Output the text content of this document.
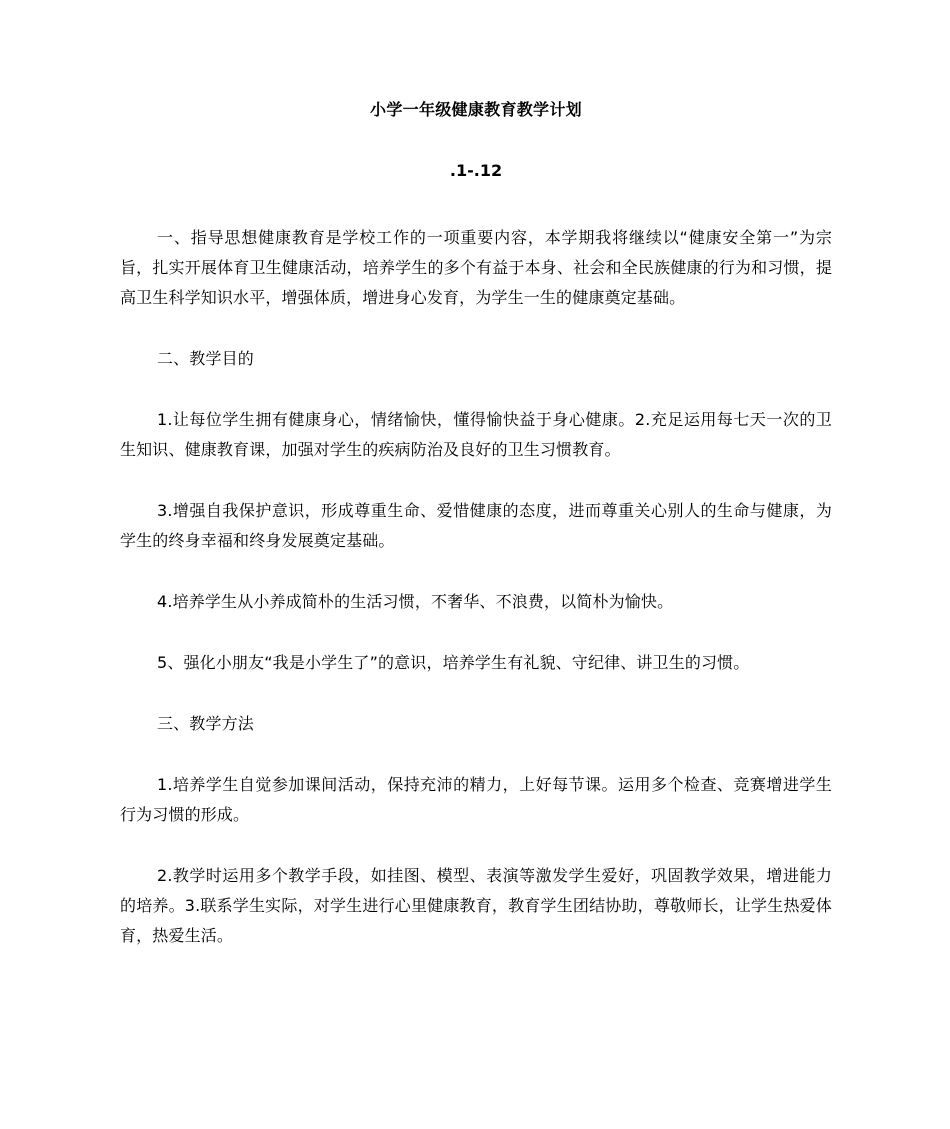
小学一年级健康教育教学计划
.1-.12

一、指导思想健康教育是学校工作的一项重要内容，本学期我将继续以“健康安全第一”为宗旨，扎实开展体育卫生健康活动，培养学生的多个有益于本身、社会和全民族健康的行为和习惯，提高卫生科学知识水平，增强体质，增进身心发育，为学生一生的健康奠定基础。

二、教学目的

1.让每位学生拥有健康身心，情绪愉快，懂得愉快益于身心健康。2.充足运用每七天一次的卫生知识、健康教育课，加强对学生的疾病防治及良好的卫生习惯教育。

3.增强自我保护意识，形成尊重生命、爱惜健康的态度，进而尊重关心别人的生命与健康，为学生的终身幸福和终身发展奠定基础。

4.培养学生从小养成简朴的生活习惯，不奢华、不浪费，以简朴为愉快。

5、强化小朋友“我是小学生了”的意识，培养学生有礼貌、守纪律、讲卫生的习惯。

三、教学方法

1.培养学生自觉参加课间活动，保持充沛的精力，上好每节课。运用多个检查、竞赛增进学生行为习惯的形成。

2.教学时运用多个教学手段，如挂图、模型、表演等激发学生爱好，巩固教学效果，增进能力的培养。3.联系学生实际，对学生进行心里健康教育，教育学生团结协助，尊敬师长，让学生热爱体育，热爱生活。
